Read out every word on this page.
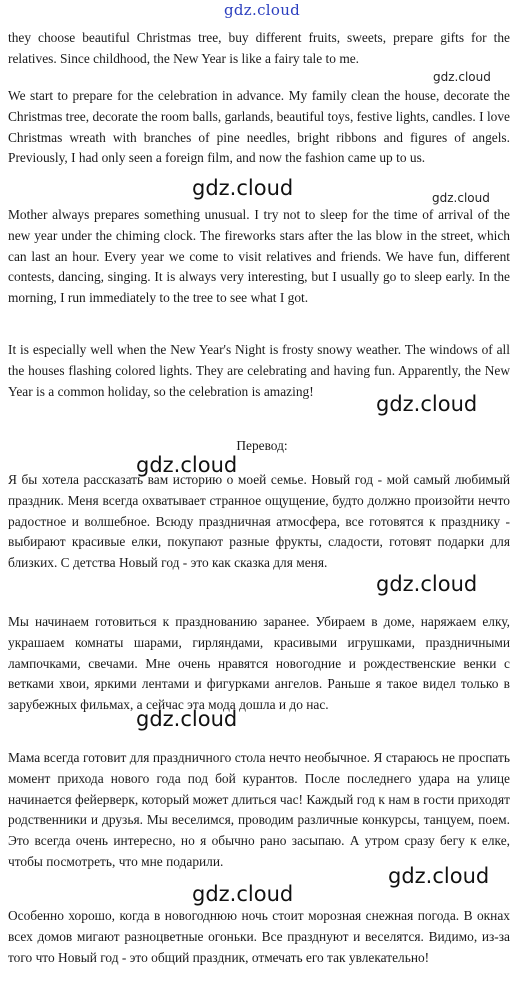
gdz.cloud

they choose beautiful Christmas tree, buy different fruits, sweets, prepare gifts for the relatives. Since childhood, the New Year is like a fairy tale to me.

gdz.cloud

We start to prepare for the celebration in advance. My family clean the house, decorate the Christmas tree, decorate the room balls, garlands, beautiful toys, festive lights, candles. I love Christmas wreath with branches of pine needles, bright ribbons and figures of angels. Previously, I had only seen a foreign film, and now the fashion came up to us.

gdz.cloud	gdz.cloud

Mother always prepares something unusual. I try not to sleep for the time of arrival of the new year under the chiming clock. The fireworks stars after the las blow in the street, which can last an hour. Every year we come to visit relatives and friends. We have fun, different contests, dancing, singing. It is always very interesting, but I usually go to sleep early. In the morning, I run immediately to the tree to see what I got.

It is especially well when the New Year's Night is frosty snowy weather. The windows of all the houses flashing colored lights. They are celebrating and having fun. Apparently, the New Year is a common holiday, so the celebration is amazing!

gdz.cloud
Перевод:
gdz.cloud

Я бы хотела рассказать вам историю о моей семье. Новый год - мой самый любимый праздник. Меня всегда охватывает странное ощущение, будто должно произойти нечто радостное и волшебное. Всюду праздничная атмосфера, все готовятся к празднику - выбирают красивые елки, покупают разные фрукты, сладости, готовят подарки для близких. С детства Новый год - это как сказка для меня.

gdz.cloud

Мы начинаем готовиться к празднованию заранее. Убираем в доме, наряжаем елку, украшаем комнаты шарами, гирляндами, красивыми игрушками, праздничными лампочками, свечами. Мне очень нравятся новогодние и рождественские венки с ветками хвои, яркими лентами и фигурками ангелов. Раньше я такое видел только в зарубежных фильмах, а сейчас эта мода дошла и до нас.

gdz.cloud

Мама всегда готовит для праздничного стола нечто необычное. Я стараюсь не проспать момент прихода нового года под бой курантов. После последнего удара на улице начинается фейерверк, который может длиться час! Каждый год к нам в гости приходят родственники и друзья. Мы веселимся, проводим различные конкурсы, танцуем, поем. Это всегда очень интересно, но я обычно рано засыпаю. А утром сразу бегу к елке, чтобы посмотреть, что мне подарили.

gdz.cloud
gdz.cloud

Особенно хорошо, когда в новогоднюю ночь стоит морозная снежная погода. В окнах всех домов мигают разноцветные огоньки. Все празднуют и веселятся. Видимо, из-за того что Новый год - это общий праздник, отмечать его так увлекательно!
